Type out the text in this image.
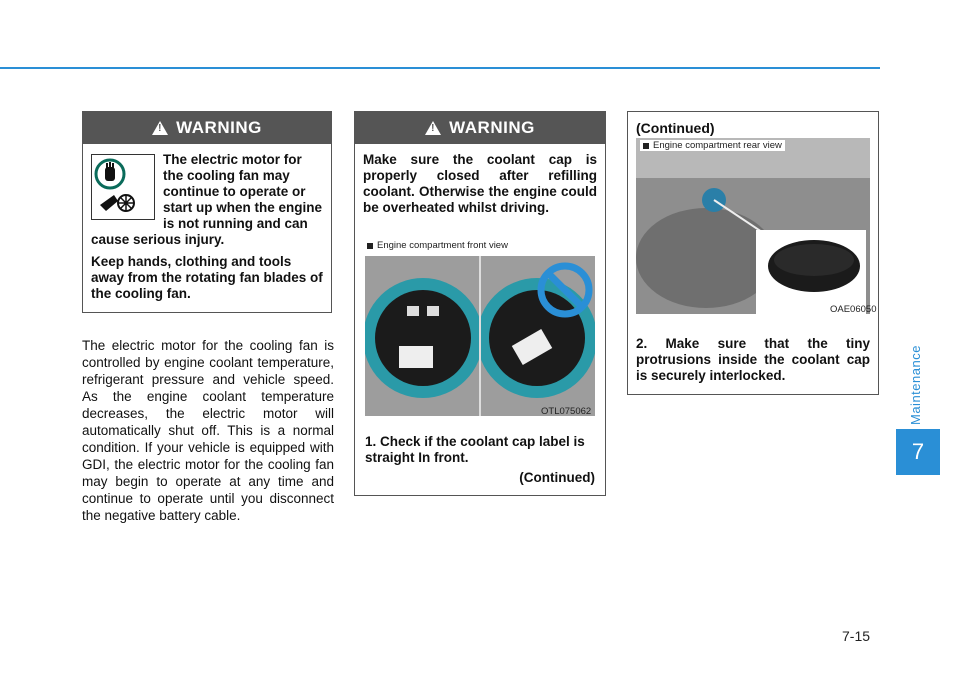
Maintenance
7
7-15
!
WARNING
The electric motor for the cooling fan may continue to operate or start up when the engine is not running and can cause serious injury.
Keep hands, clothing and tools away from the rotating fan blades of the cooling fan.
The electric motor for the cooling fan is controlled by engine coolant temperature, refrigerant pressure and vehicle speed. As the engine coolant temperature decreases, the electric motor will automatically shut off. This is a normal condition. If your vehicle is equipped with GDI, the electric motor for the cooling fan may begin to operate at any time and continue to operate until you disconnect the negative battery cable.
!
WARNING
Make sure the coolant cap is properly closed after refilling coolant. Otherwise the engine could be overheated whilst driving.
Engine compartment front view
OTL075062
1. Check if the coolant cap label is straight In front.
(Continued)
(Continued)
Engine compartment rear view
OAE06050
2. Make sure that the tiny protrusions inside the coolant cap is securely interlocked.
